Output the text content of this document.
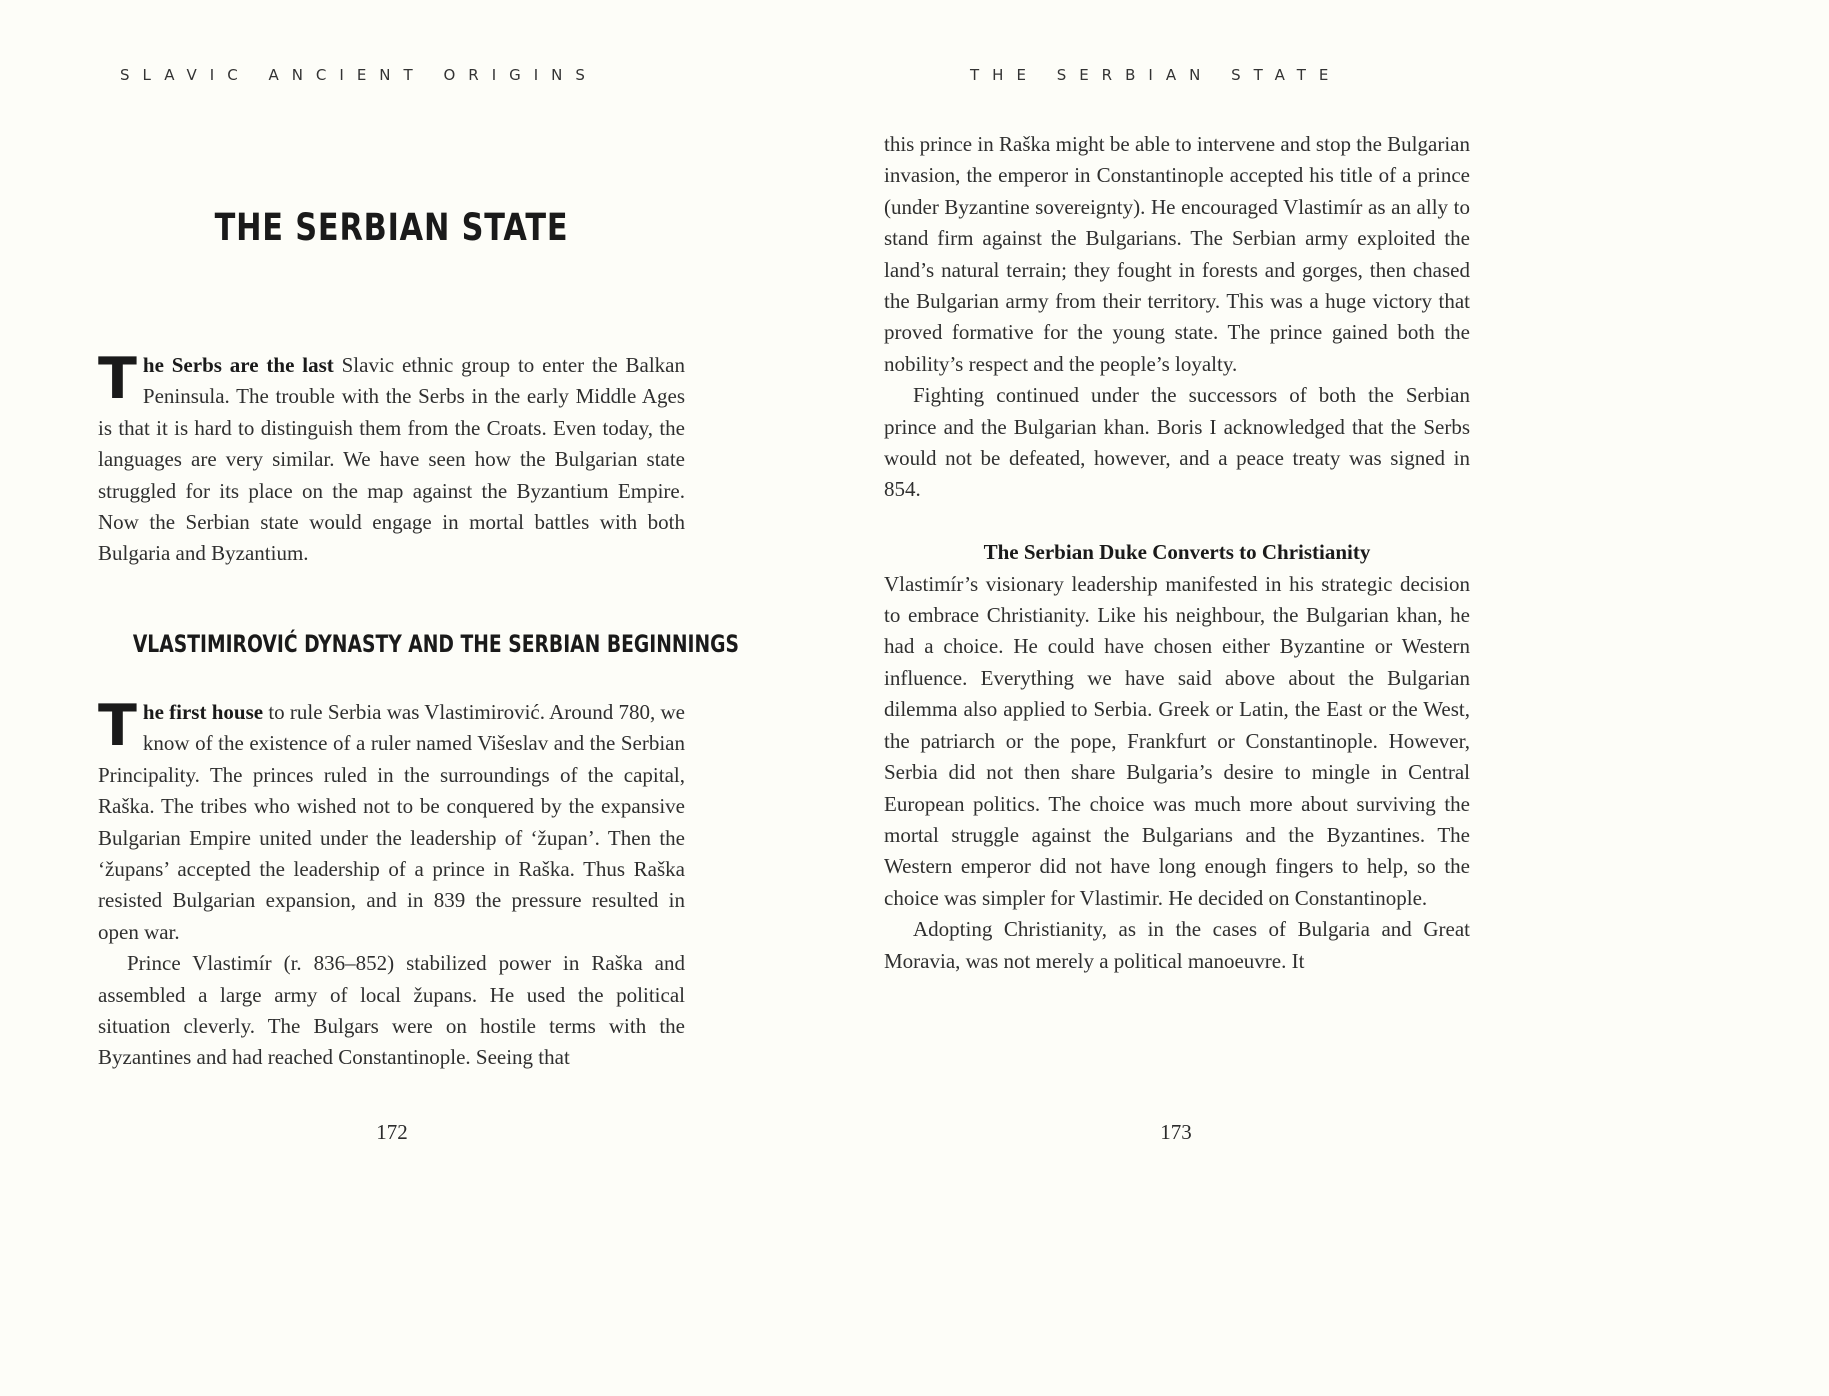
SLAVIC ANCIENT ORIGINS
THE SERBIAN STATE

The Serbs are the last Slavic ethnic group to enter the Balkan Peninsula. The trouble with the Serbs in the early Middle Ages is that it is hard to distinguish them from the Croats. Even today, the languages are very similar. We have seen how the Bulgarian state struggled for its place on the map against the Byzantium Empire. Now the Serbian state would engage in mortal battles with both Bulgaria and Byzantium.

VLASTIMIROVIĆ DYNASTY AND THE SERBIAN BEGINNINGS

The first house to rule Serbia was Vlastimirović. Around 780, we know of the existence of a ruler named Višeslav and the Serbian Principality. The princes ruled in the surroundings of the capital, Raška. The tribes who wished not to be conquered by the expansive Bulgarian Empire united under the leadership of ‘župan’. Then the ‘župans’ accepted the leadership of a prince in Raška. Thus Raška resisted Bulgarian expansion, and in 839 the pressure resulted in open war.

Prince Vlastimír (r. 836–852) stabilized power in Raška and assembled a large army of local župans. He used the political situation cleverly. The Bulgars were on hostile terms with the Byzantines and had reached Constantinople. Seeing that

172
THE SERBIAN STATE

this prince in Raška might be able to intervene and stop the Bulgarian invasion, the emperor in Constantinople accepted his title of a prince (under Byzantine sovereignty). He encouraged Vlastimír as an ally to stand firm against the Bulgarians. The Serbian army exploited the land’s natural terrain; they fought in forests and gorges, then chased the Bulgarian army from their territory. This was a huge victory that proved formative for the young state. The prince gained both the nobility’s respect and the people’s loyalty.

Fighting continued under the successors of both the Serbian prince and the Bulgarian khan. Boris I acknowledged that the Serbs would not be defeated, however, and a peace treaty was signed in 854.

The Serbian Duke Converts to Christianity

Vlastimír’s visionary leadership manifested in his strategic decision to embrace Christianity. Like his neighbour, the Bulgarian khan, he had a choice. He could have chosen either Byzantine or Western influence. Everything we have said above about the Bulgarian dilemma also applied to Serbia. Greek or Latin, the East or the West, the patriarch or the pope, Frankfurt or Constantinople. However, Serbia did not then share Bulgaria’s desire to mingle in Central European politics. The choice was much more about surviving the mortal struggle against the Bulgarians and the Byzantines. The Western emperor did not have long enough fingers to help, so the choice was simpler for Vlastimir. He decided on Constantinople.

Adopting Christianity, as in the cases of Bulgaria and Great Moravia, was not merely a political manoeuvre. It

173
